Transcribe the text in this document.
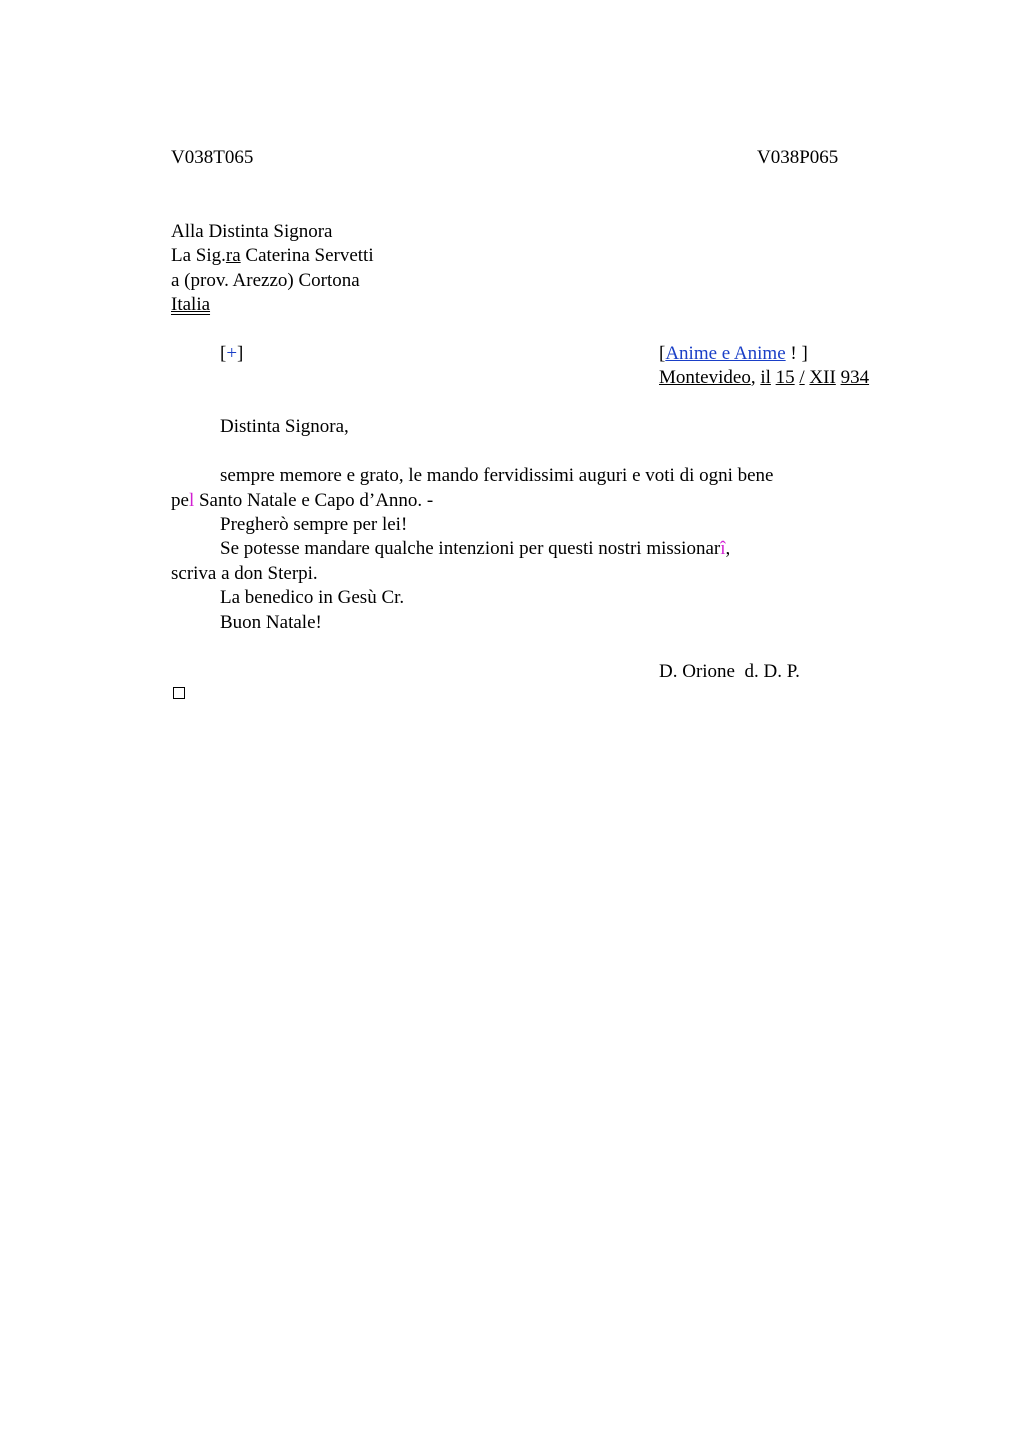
V038T065	V038P065
Alla Distinta Signora
La Sig.ra Caterina Servetti
a (prov. Arezzo) Cortona
Italia
[+]	[Anime e Anime ! ]
Montevideo, il 15 / XII 934
Distinta Signora,
sempre memore e grato, le mando fervidissimi auguri e voti di ogni bene
pel Santo Natale e Capo d’Anno. -
Pregherò sempre per lei!
Se potesse mandare qualche intenzioni per questi nostri missionarî,
scriva a don Sterpi.
La benedico in Gesù Cr.
Buon Natale!
D. Orione  d. D. P.
